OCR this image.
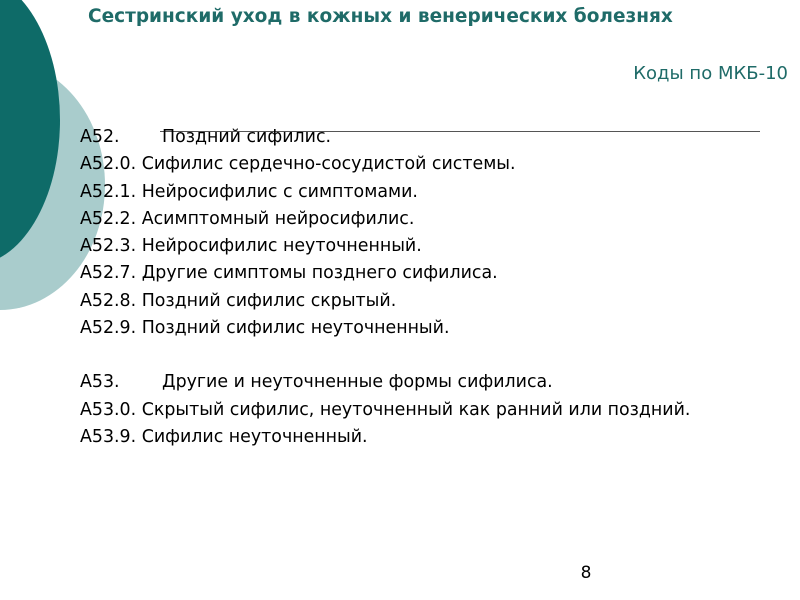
Сестринский уход в кожных и венерических болезнях
Коды по МКБ-10
А52. Поздний сифилис.
А52.0. Сифилис сердечно-сосудистой системы.
А52.1. Нейросифилис с симптомами.
А52.2. Асимптомный нейросифилис.
А52.3. Нейросифилис неуточненный.
А52.7. Другие симптомы позднего сифилиса.
А52.8. Поздний сифилис скрытый.
А52.9. Поздний сифилис неуточненный.
А53. Другие и неуточненные формы сифилиса.
А53.0. Скрытый сифилис, неуточненный как ранний или поздний.
А53.9. Сифилис неуточненный.
8
